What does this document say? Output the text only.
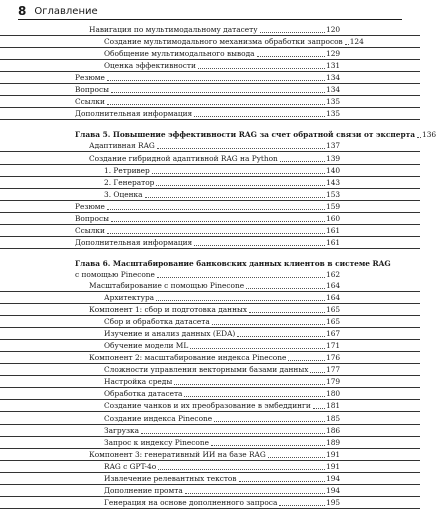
8 Оглавление
Навигация по мультимодальному датасету	120
Создание мультимодального механизма обработки запросов 124
Обобщение мультимодального вывода	129
Оценка эффективности	131
Резюме	134
Вопросы	134
Ссылки	135
Дополнительная информация	135
Глава 5. Повышение эффективности RAG за счет обратной связи от эксперта 136
Адаптивная RAG	137
Создание гибридной адаптивной RAG на Python	139
1. Ретривер	140
2. Генератор	143
3. Оценка	153
Резюме	159
Вопросы	160
Ссылки	161
Дополнительная информация	161
Глава 6. Масштабирование банковских данных клиентов в системе RAG
с помощью Pinecone	162
Масштабирование с помощью Pinecone	164
Архитектура	164
Компонент 1: сбор и подготовка данных	165
Сбор и обработка датасета	165
Изучение и анализ данных (EDA)	167
Обучение модели ML	171
Компонент 2: масштабирование индекса Pinecone	176
Сложности управления векторными базами данных 177
Настройка среды	179
Обработка датасета	180
Создание чанков и их преобразование в эмбеддинги 181
Создание индекса Pinecone	185
Загрузка	186
Запрос к индексу Pinecone	189
Компонент 3: генеративный ИИ на базе RAG	191
RAG с GPT-4o	191
Извлечение релевантных текстов	194
Дополнение промта	194
Генерация на основе дополненного запроса	195
